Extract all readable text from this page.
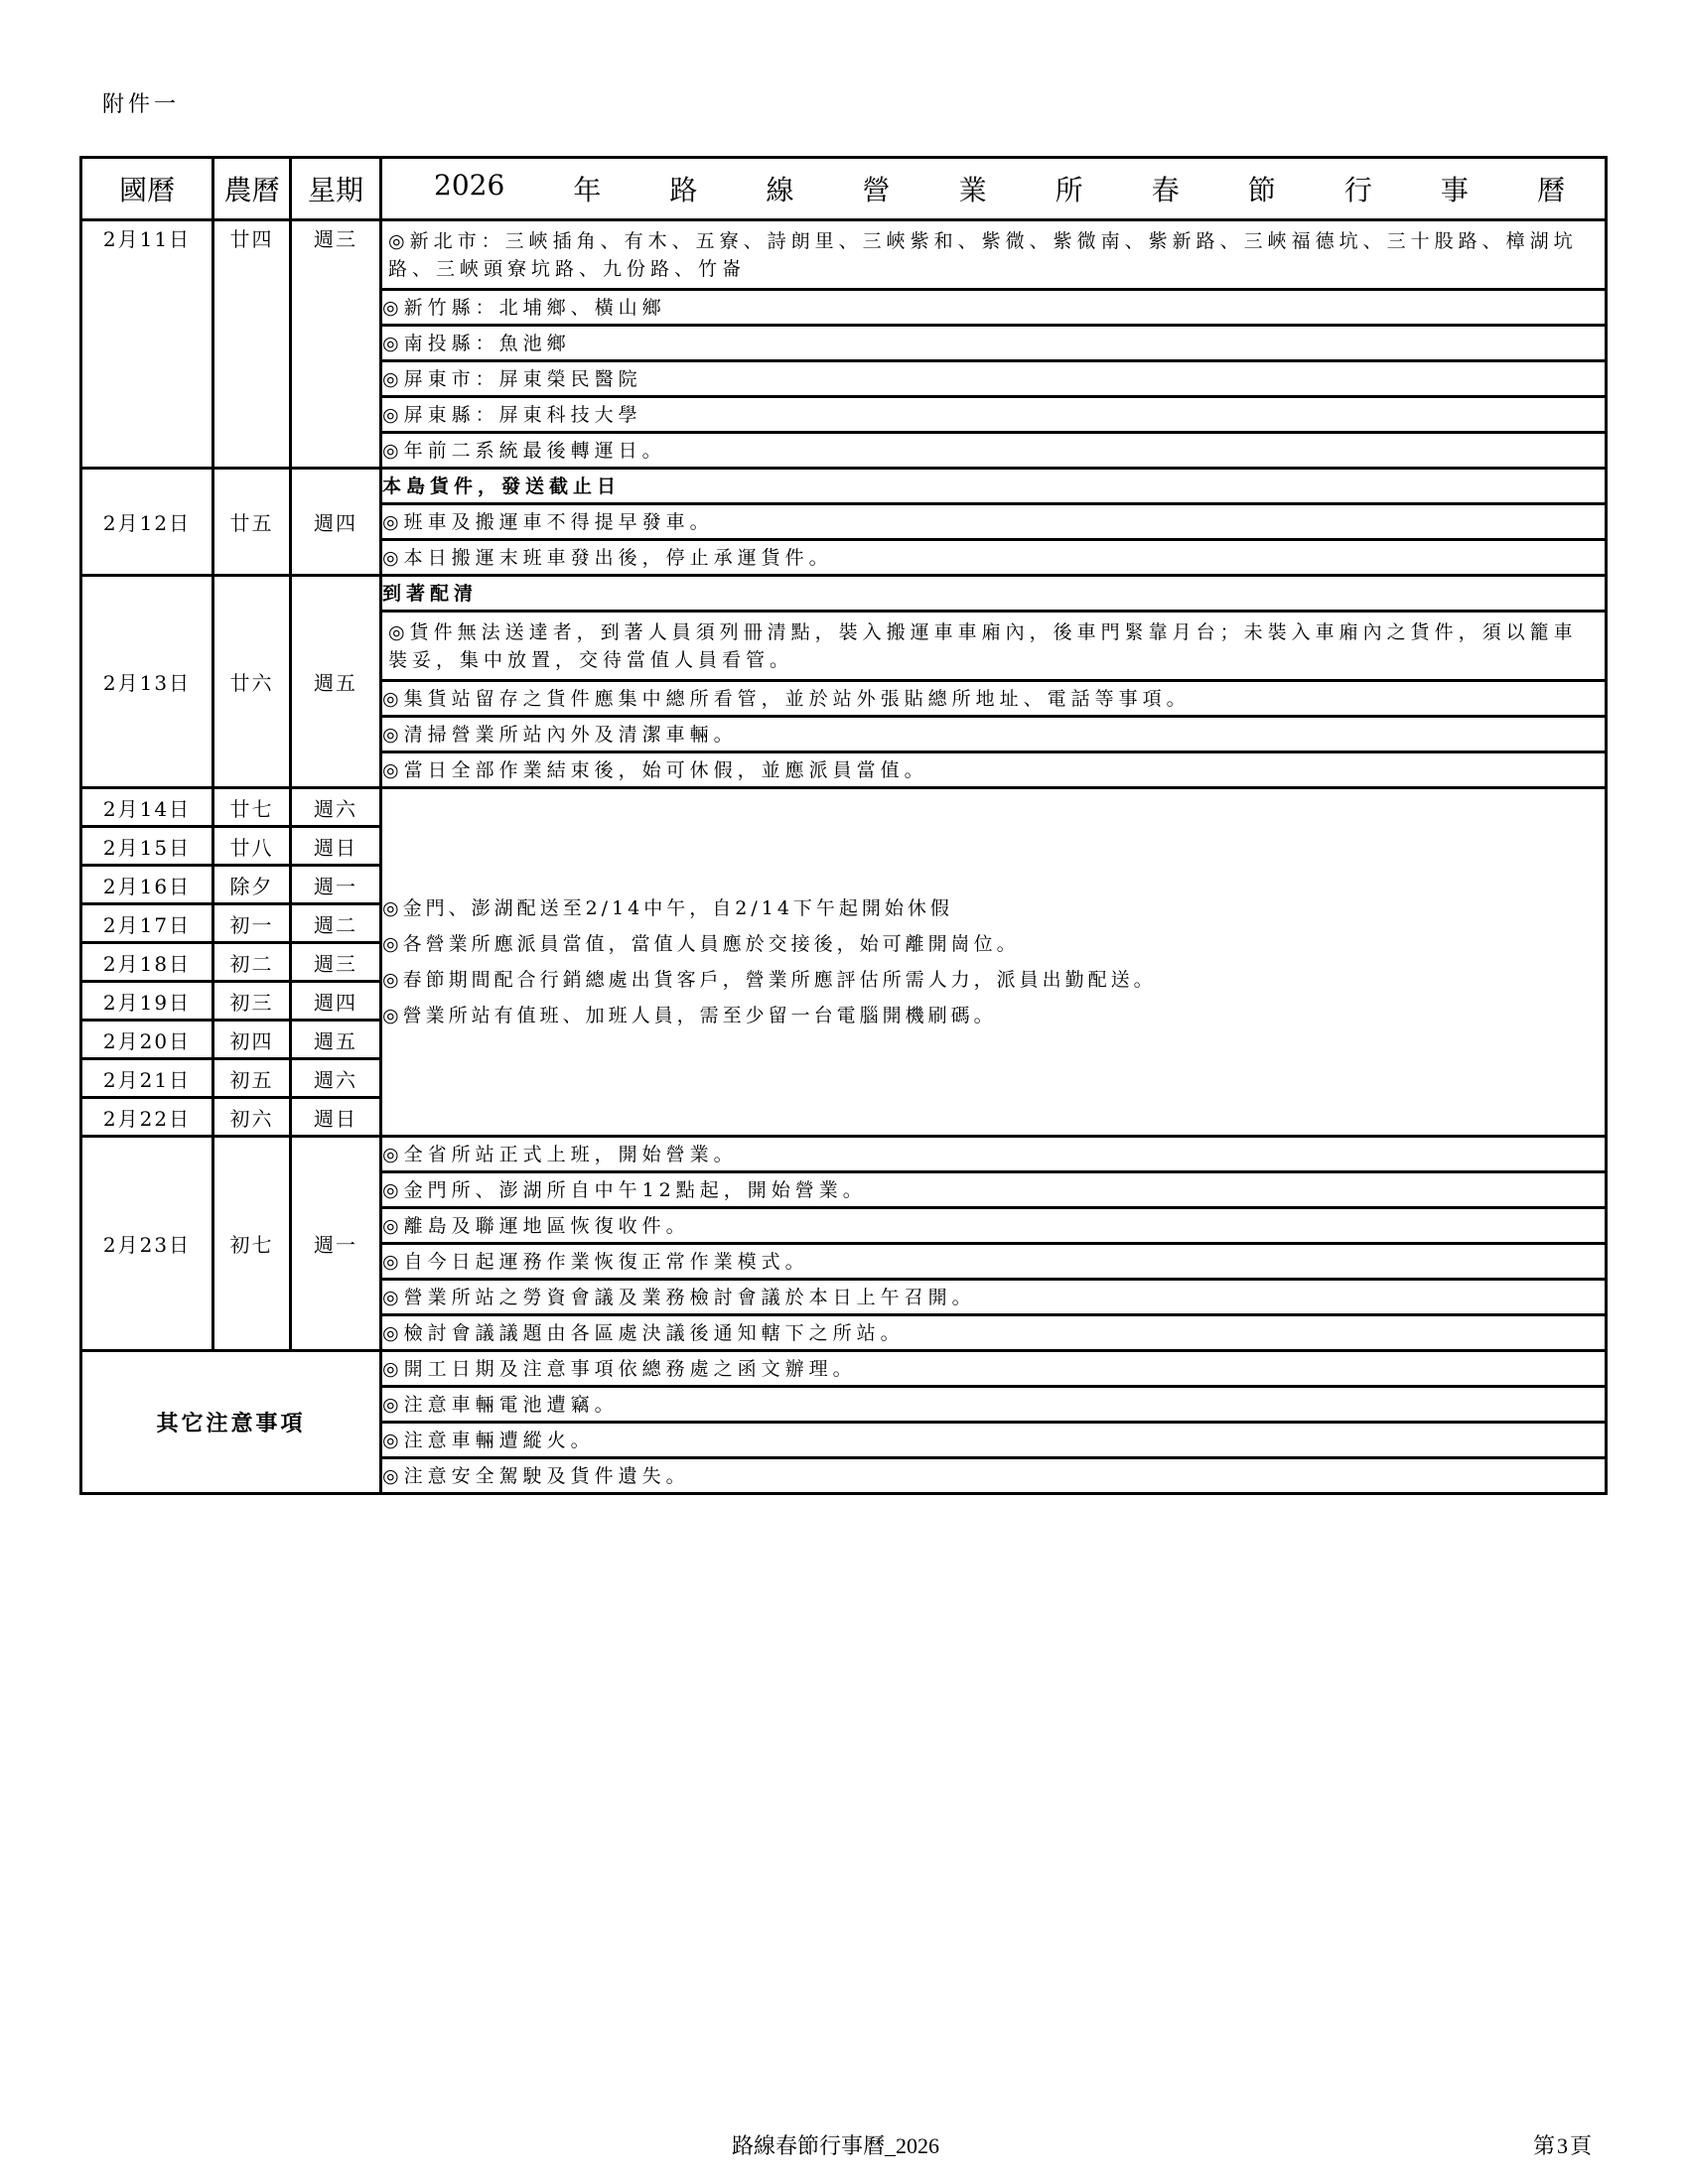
附件一
國曆	農曆	星期	2026 年 路 線 營 業 所 春 節 行 事 曆

2月11日	廿四	週三	◎新北市：三峽插角、有木、五寮、詩朗里、三峽紫和、紫微、紫微南、紫新路、三峽福德坑、三十股路、樟湖坑路、三峽頭寮坑路、九份路、竹崙
			◎新竹縣：北埔鄉、橫山鄉
			◎南投縣：魚池鄉
			◎屏東市：屏東榮民醫院
			◎屏東縣：屏東科技大學
			◎年前二系統最後轉運日。
2月12日	廿五	週四	本島貨件，發送截止日
			◎班車及搬運車不得提早發車。
			◎本日搬運末班車發出後，停止承運貨件。
2月13日	廿六	週五	到著配清
			◎貨件無法送達者，到著人員須列冊清點，裝入搬運車車廂內，後車門緊靠月台；未裝入車廂內之貨件，須以籠車裝妥，集中放置，交待當值人員看管。
			◎集貨站留存之貨件應集中總所看管，並於站外張貼總所地址、電話等事項。
			◎清掃營業所站內外及清潔車輛。
			◎當日全部作業結束後，始可休假，並應派員當值。
2月14日	廿七	週六	◎金門、澎湖配送至2/14中午，自2/14下午起開始休假
◎各營業所應派員當值，當值人員應於交接後，始可離開崗位。
◎春節期間配合行銷總處出貨客戶，營業所應評估所需人力，派員出勤配送。
◎營業所站有值班、加班人員，需至少留一台電腦開機刷碼。

2月15日	廿八	週日	
2月16日	除夕	週一	
2月17日	初一	週二	
2月18日	初二	週三	
2月19日	初三	週四	
2月20日	初四	週五	
2月21日	初五	週六	
2月22日	初六	週日	
2月23日	初七	週一	◎全省所站正式上班，開始營業。
			◎金門所、澎湖所自中午12點起，開始營業。
			◎離島及聯運地區恢復收件。
			◎自今日起運務作業恢復正常作業模式。
			◎營業所站之勞資會議及業務檢討會議於本日上午召開。
			◎檢討會議議題由各區處決議後通知轄下之所站。
其它注意事項			◎開工日期及注意事項依總務處之函文辦理。
			◎注意車輛電池遭竊。
			◎注意車輛遭縱火。
			◎注意安全駕駛及貨件遺失。
路線春節行事曆_2026	第3頁
